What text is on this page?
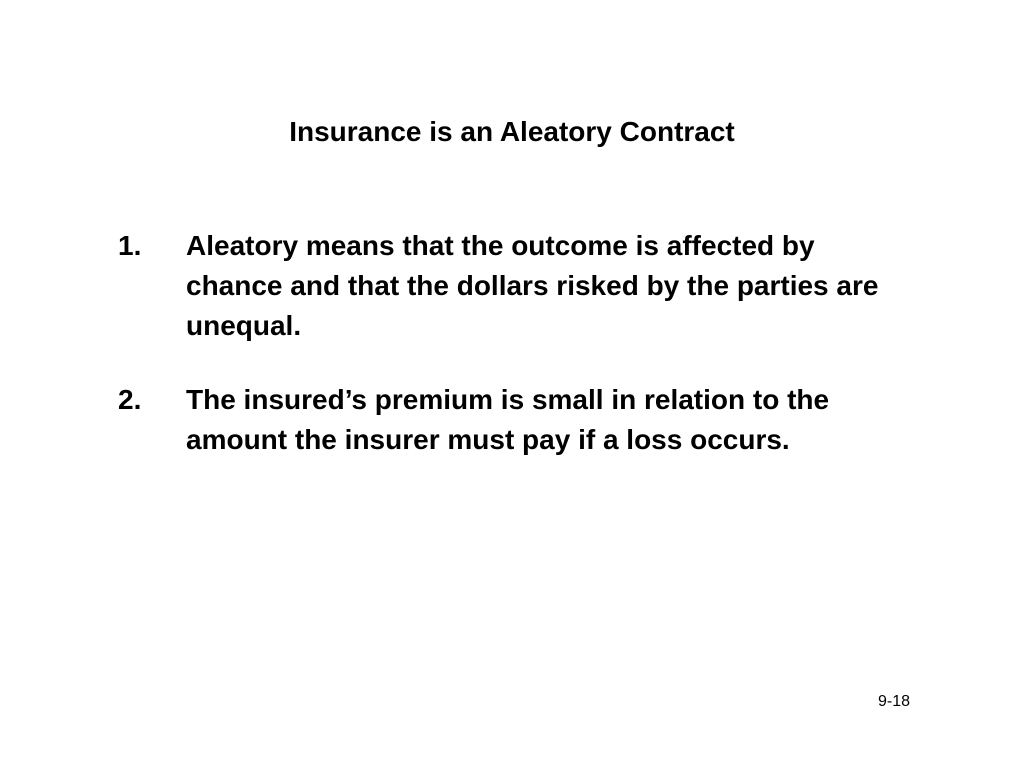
Insurance is an Aleatory Contract
1.	Aleatory means that the outcome is affected by chance and that the dollars risked by the parties are unequal.
2.	The insured’s premium is small in relation to the amount the insurer must pay if a loss occurs.
9-18
